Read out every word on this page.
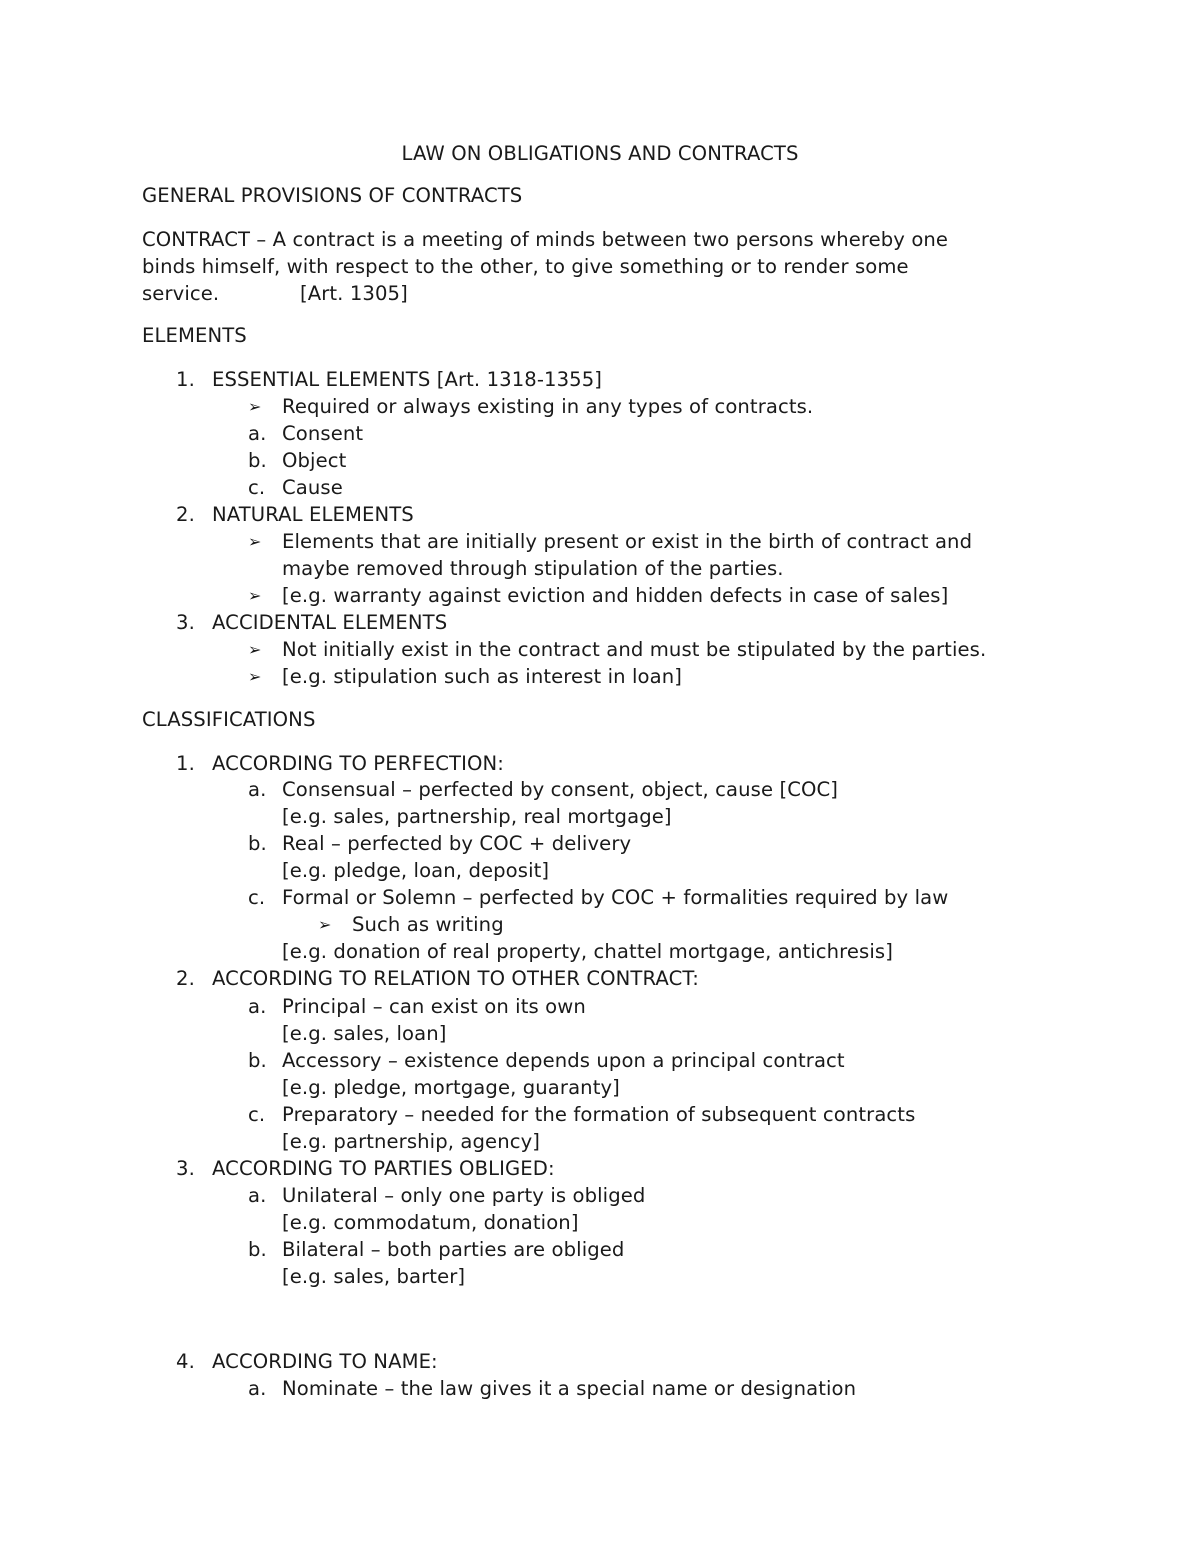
LAW ON OBLIGATIONS AND CONTRACTS

GENERAL PROVISIONS OF CONTRACTS

CONTRACT – A contract is a meeting of minds between two persons whereby one

binds himself, with respect to the other, to give something or to render some

service.	[Art. 1305]

ELEMENTS

1. ESSENTIAL ELEMENTS [Art. 1318-1355]

➢ Required or always existing in any types of contracts.

a. Consent

b. Object

c. Cause

2. NATURAL ELEMENTS

➢ Elements that are initially present or exist in the birth of contract and

maybe removed through stipulation of the parties.

➢ [e.g. warranty against eviction and hidden defects in case of sales]

3. ACCIDENTAL ELEMENTS

➢ Not initially exist in the contract and must be stipulated by the parties.

➢ [e.g. stipulation such as interest in loan]

CLASSIFICATIONS

1. ACCORDING TO PERFECTION:

a. Consensual – perfected by consent, object, cause [COC]

[e.g. sales, partnership, real mortgage]

b. Real – perfected by COC + delivery

[e.g. pledge, loan, deposit]

c. Formal or Solemn – perfected by COC + formalities required by law

➢ Such as writing

[e.g. donation of real property, chattel mortgage, antichresis]

2. ACCORDING TO RELATION TO OTHER CONTRACT:

a. Principal – can exist on its own

[e.g. sales, loan]

b. Accessory – existence depends upon a principal contract

[e.g. pledge, mortgage, guaranty]

c. Preparatory – needed for the formation of subsequent contracts

[e.g. partnership, agency]

3. ACCORDING TO PARTIES OBLIGED:

a. Unilateral – only one party is obliged

[e.g. commodatum, donation]

b. Bilateral – both parties are obliged

[e.g. sales, barter]

4. ACCORDING TO NAME:

a. Nominate – the law gives it a special name or designation
